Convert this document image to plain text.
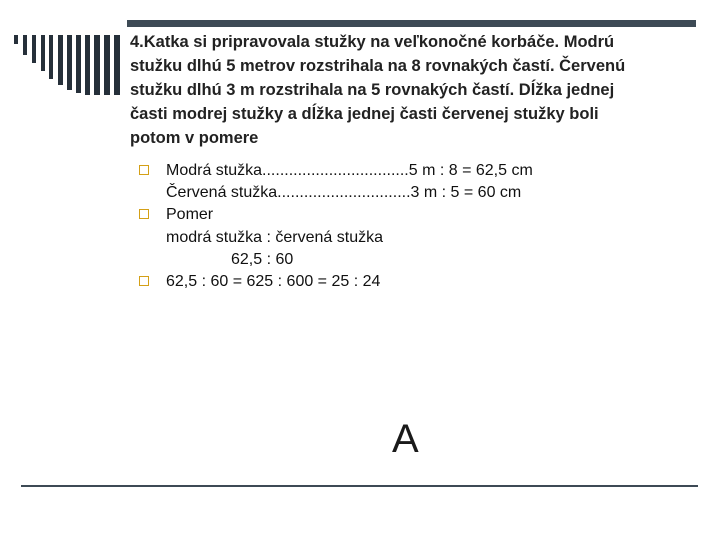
4.Katka si pripravovala stužky na veľkonočné korbáče. Modrú
stužku dlhú 5 metrov rozstrihala na 8 rovnakých častí. Červenú
stužku dlhú 3 m rozstrihala na 5 rovnakých častí. Dĺžka jednej
časti modrej stužky a dĺžka jednej časti červenej stužky boli
potom v pomere
Modrá stužka.................................5 m : 8 = 62,5 cm
Červená stužka..............................3 m : 5 = 60 cm
Pomer
modrá stužka : červená stužka
62,5 : 60
62,5 : 60 = 625 : 600 = 25 : 24
A
